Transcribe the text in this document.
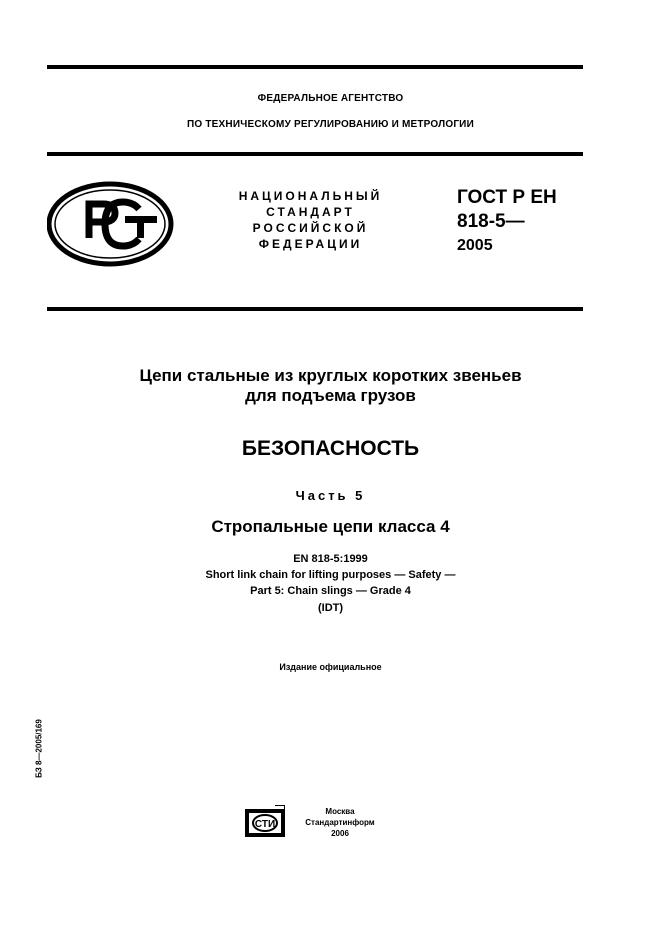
ФЕДЕРАЛЬНОЕ АГЕНТСТВО
ПО ТЕХНИЧЕСКОМУ РЕГУЛИРОВАНИЮ И МЕТРОЛОГИИ
НАЦИОНАЛЬНЫЙ
СТАНДАРТ
РОССИЙСКОЙ
ФЕДЕРАЦИИ
ГОСТ Р ЕН
818-5—
2005
Цепи стальные из круглых коротких звеньев
для подъема грузов
БЕЗОПАСНОСТЬ
Часть 5
Стропальные цепи класса 4
EN 818-5:1999
Short link chain for lifting purposes — Safety —
Part 5: Chain slings — Grade 4
(IDT)
Издание официальное
БЗ 8—2005/169
СТИ
Москва
Стандартинформ
2006
